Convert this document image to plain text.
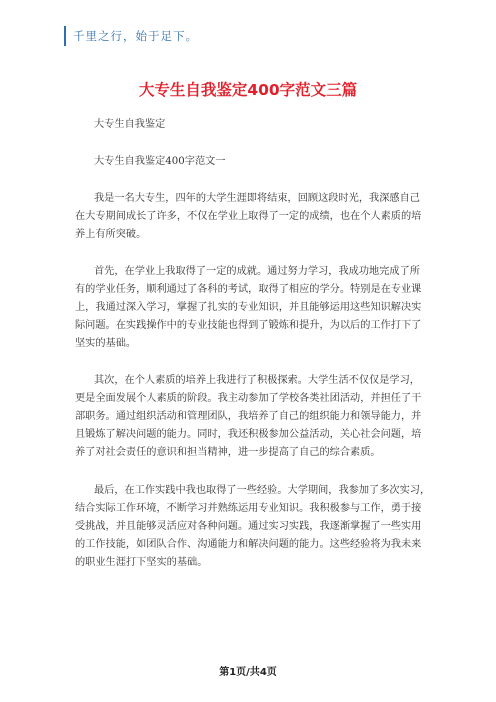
千里之行，始于足下。
大专生自我鉴定400字范文三篇
大专生自我鉴定
大专生自我鉴定400字范文一
我是一名大专生，四年的大学生涯即将结束，回顾这段时光，我深感自己
在大专期间成长了许多，不仅在学业上取得了一定的成绩，也在个人素质的培
养上有所突破。
首先，在学业上我取得了一定的成就。通过努力学习，我成功地完成了所
有的学业任务，顺利通过了各科的考试，取得了相应的学分。特别是在专业课
上，我通过深入学习，掌握了扎实的专业知识，并且能够运用这些知识解决实
际问题。在实践操作中的专业技能也得到了锻炼和提升，为以后的工作打下了
坚实的基础。
其次，在个人素质的培养上我进行了积极探索。大学生活不仅仅是学习，
更是全面发展个人素质的阶段。我主动参加了学校各类社团活动，并担任了干
部职务。通过组织活动和管理团队，我培养了自己的组织能力和领导能力，并
且锻炼了解决问题的能力。同时，我还积极参加公益活动，关心社会问题，培
养了对社会责任的意识和担当精神，进一步提高了自己的综合素质。
最后，在工作实践中我也取得了一些经验。大学期间，我参加了多次实习，
结合实际工作环境，不断学习并熟练运用专业知识。我积极参与工作，勇于接
受挑战，并且能够灵活应对各种问题。通过实习实践，我逐渐掌握了一些实用
的工作技能，如团队合作、沟通能力和解决问题的能力。这些经验将为我未来
的职业生涯打下坚实的基础。
第1页/共4页
